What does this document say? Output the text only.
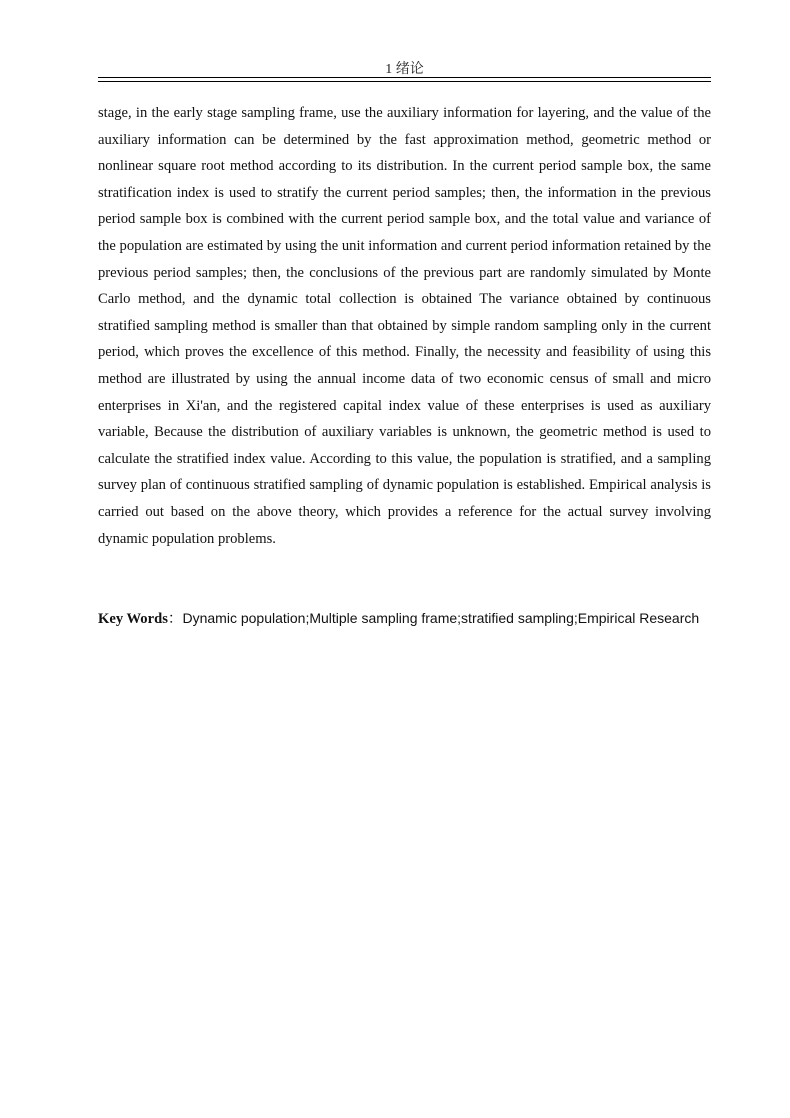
1 绪论

stage, in the early stage sampling frame, use the auxiliary information for layering, and the value of the auxiliary information can be determined by the fast approximation method, geometric method or nonlinear square root method according to its distribution. In the current period sample box, the same stratification index is used to stratify the current period samples; then, the information in the previous period sample box is combined with the current period sample box, and the total value and variance of the population are estimated by using the unit information and current period information retained by the previous period samples; then, the conclusions of the previous part are randomly simulated by Monte Carlo method, and the dynamic total collection is obtained The variance obtained by continuous stratified sampling method is smaller than that obtained by simple random sampling only in the current period, which proves the excellence of this method. Finally, the necessity and feasibility of using this method are illustrated by using the annual income data of two economic census of small and micro enterprises in Xi'an, and the registered capital index value of these enterprises is used as auxiliary variable, Because the distribution of auxiliary variables is unknown, the geometric method is used to calculate the stratified index value. According to this value, the population is stratified, and a sampling survey plan of continuous stratified sampling of dynamic population is established. Empirical analysis is carried out based on the above theory, which provides a reference for the actual survey involving dynamic population problems.

Key Words：Dynamic population;Multiple sampling frame;stratified sampling;Empirical Research
